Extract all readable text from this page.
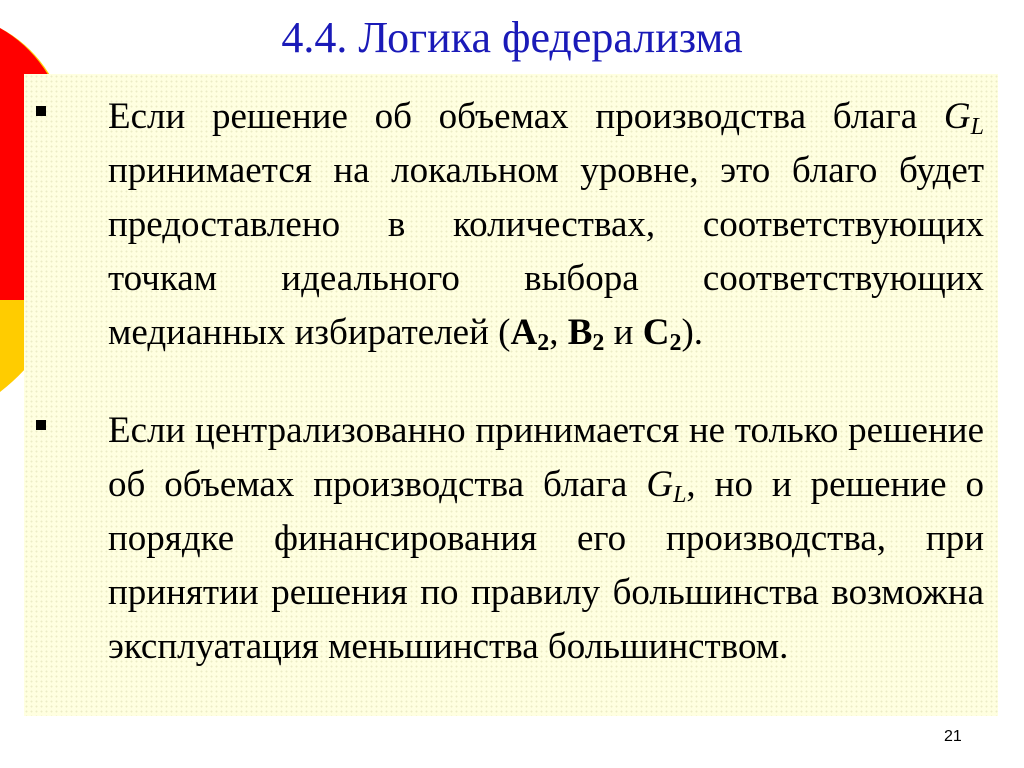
4.4. Логика федерализма
Если решение об объемах производства блага $G_L$ принимается на локальном уровне, это благо будет предоставлено в количествах, соответствующих точкам идеального выбора соответствующих медианных избирателей ($A_2$, $B_2$ и $C_2$).
Если централизованно принимается не только решение об объемах производства блага $G_L$, но и решение о порядке финансирования его производства, при принятии решения по правилу большинства возможна эксплуатация меньшинства большинством.
21
